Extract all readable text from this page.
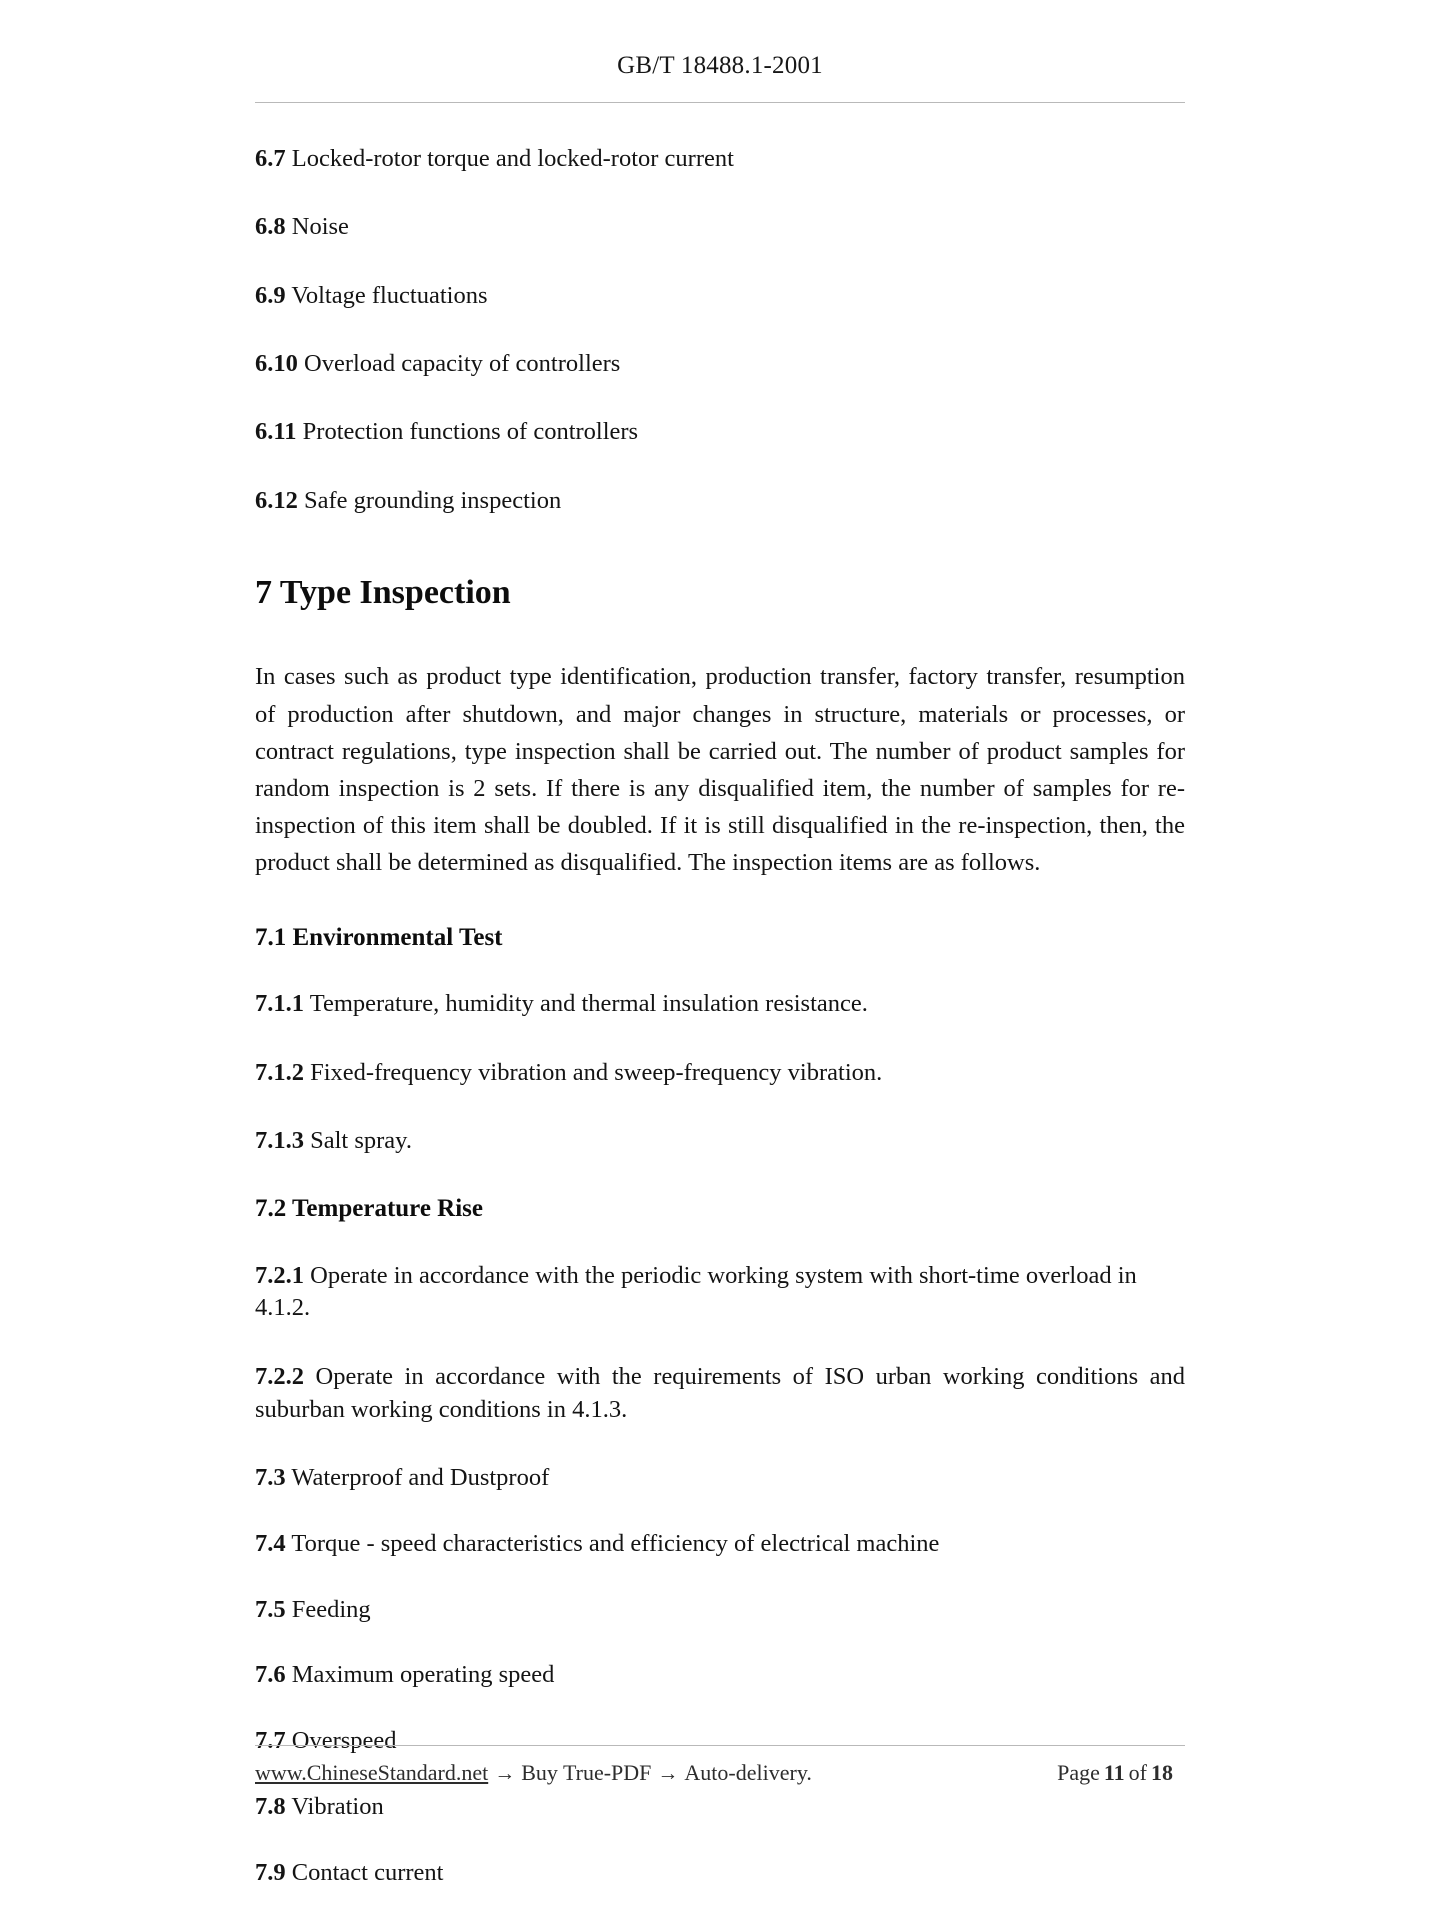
GB/T 18488.1-2001

6.7 Locked-rotor torque and locked-rotor current

6.8 Noise

6.9 Voltage fluctuations

6.10 Overload capacity of controllers

6.11 Protection functions of controllers

6.12 Safe grounding inspection

7 Type Inspection

In cases such as product type identification, production transfer, factory transfer, resumption of production after shutdown, and major changes in structure, materials or processes, or contract regulations, type inspection shall be carried out. The number of product samples for random inspection is 2 sets. If there is any disqualified item, the number of samples for re-inspection of this item shall be doubled. If it is still disqualified in the re-inspection, then, the product shall be determined as disqualified. The inspection items are as follows.

7.1 Environmental Test

7.1.1 Temperature, humidity and thermal insulation resistance.

7.1.2 Fixed-frequency vibration and sweep-frequency vibration.

7.1.3 Salt spray.

7.2 Temperature Rise

7.2.1 Operate in accordance with the periodic working system with short-time overload in 4.1.2.

7.2.2 Operate in accordance with the requirements of ISO urban working conditions and suburban working conditions in 4.1.3.

7.3 Waterproof and Dustproof

7.4 Torque - speed characteristics and efficiency of electrical machine

7.5 Feeding

7.6 Maximum operating speed

7.7 Overspeed

7.8 Vibration

7.9 Contact current

www.ChineseStandard.net → Buy True-PDF → Auto-delivery.	Page 11 of 18
